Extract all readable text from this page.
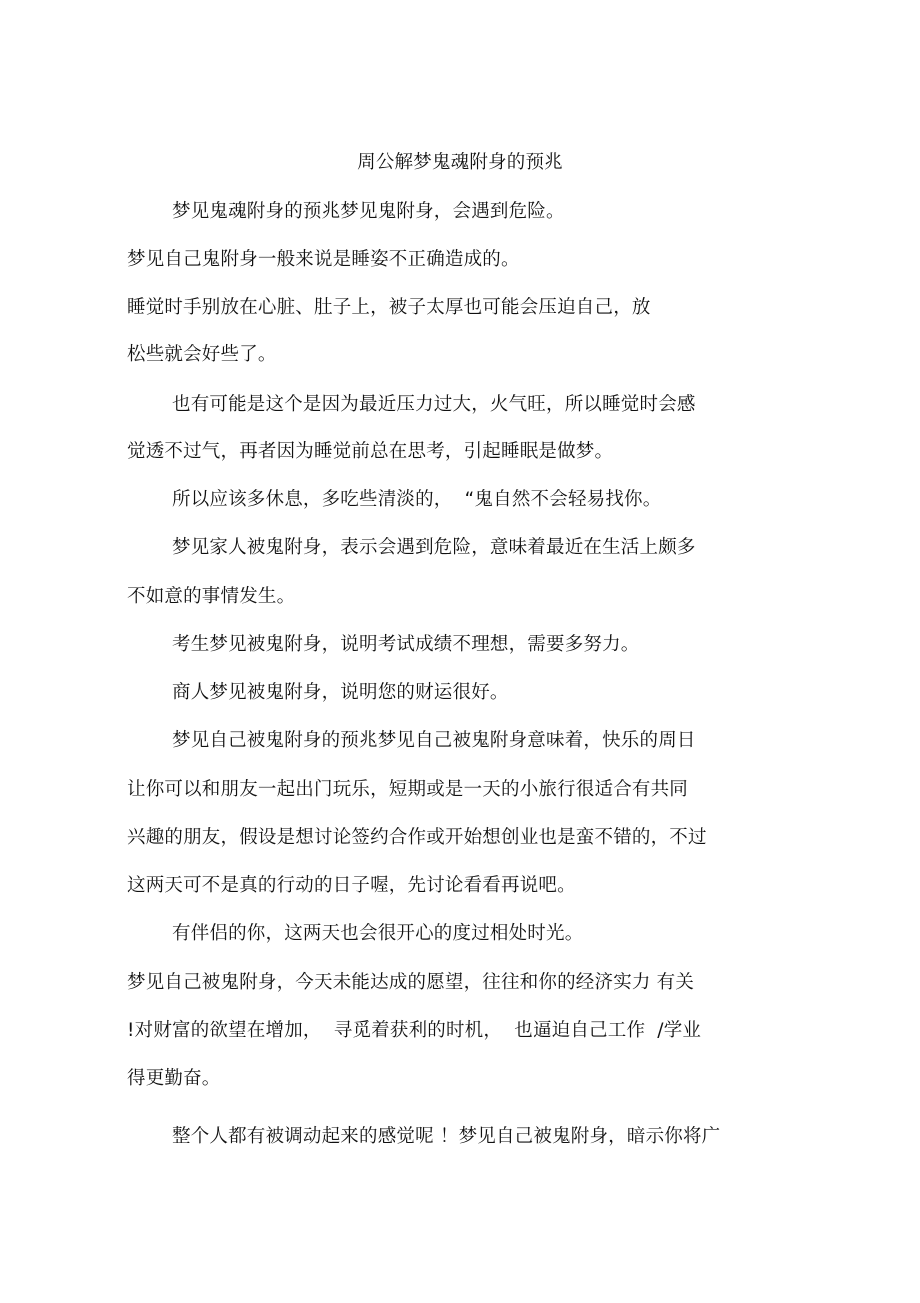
周公解梦鬼魂附身的预兆
梦见鬼魂附身的预兆梦见鬼附身，会遇到危险。
梦见自己鬼附身一般来说是睡姿不正确造成的。
睡觉时手别放在心脏、肚子上，被子太厚也可能会压迫自己，放
松些就会好些了。
也有可能是这个是因为最近压力过大，火气旺，所以睡觉时会感
觉透不过气，再者因为睡觉前总在思考，引起睡眠是做梦。
所以应该多休息，多吃些清淡的，  “鬼自然不会轻易找你。
梦见家人被鬼附身，表示会遇到危险，意味着最近在生活上颇多
不如意的事情发生。
考生梦见被鬼附身，说明考试成绩不理想，需要多努力。
商人梦见被鬼附身，说明您的财运很好。
梦见自己被鬼附身的预兆梦见自己被鬼附身意味着，快乐的周日
让你可以和朋友一起出门玩乐，短期或是一天的小旅行很适合有共同
兴趣的朋友，假设是想讨论签约合作或开始想创业也是蛮不错的，不过
这两天可不是真的行动的日子喔，先讨论看看再说吧。
有伴侣的你，这两天也会很开心的度过相处时光。
梦见自己被鬼附身，今天未能达成的愿望，往往和你的经济实力 有关
!对财富的欲望在增加，  寻觅着获利的时机，  也逼迫自己工作  /学业
得更勤奋。
整个人都有被调动起来的感觉呢 ！梦见自己被鬼附身，暗示你将广
